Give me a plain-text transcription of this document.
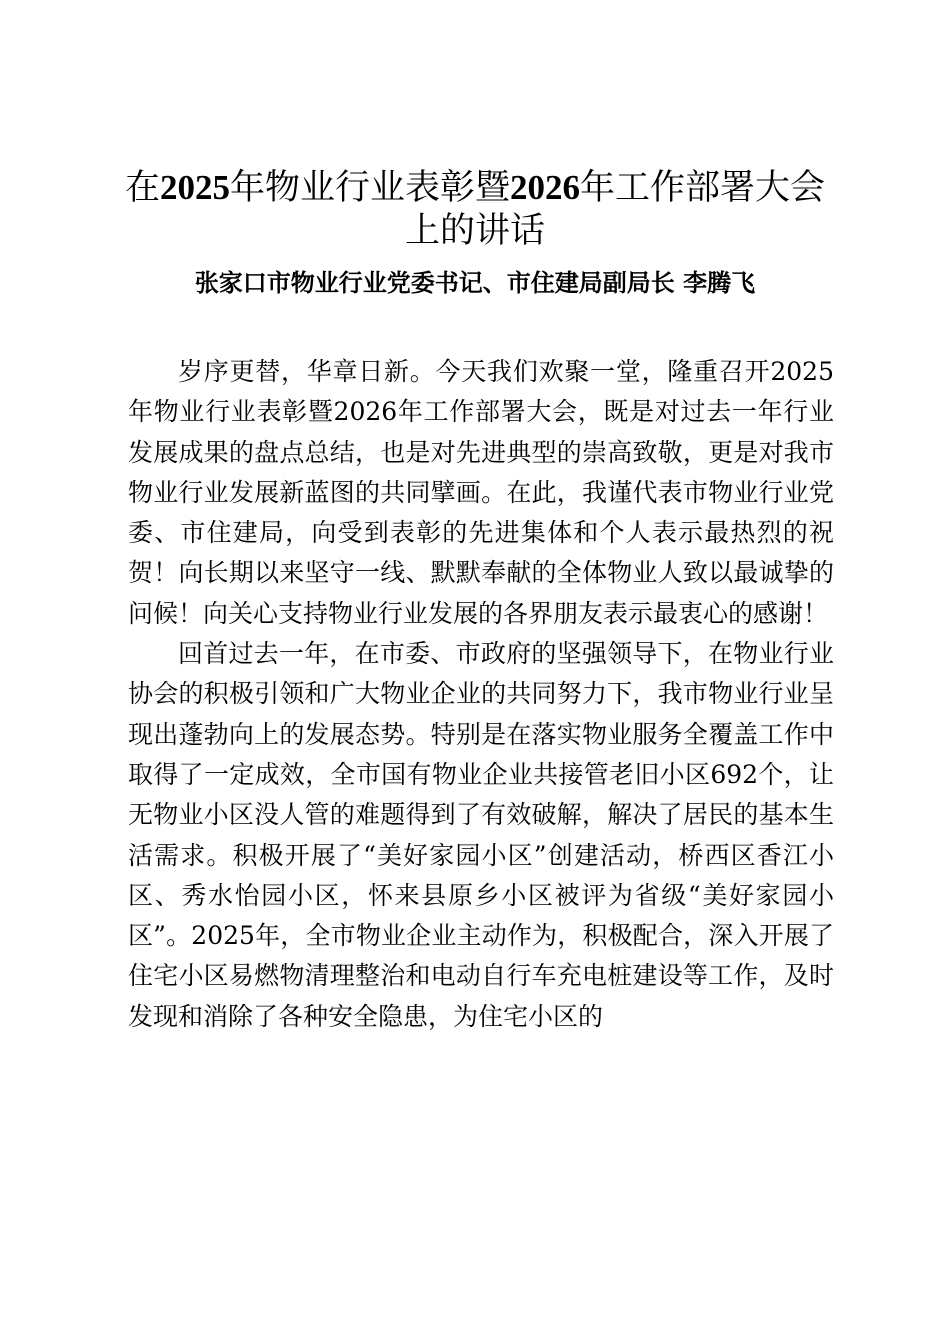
在2025年物业行业表彰暨2026年工作部署大会上的讲话
张家口市物业行业党委书记、市住建局副局长 李腾飞

岁序更替，华章日新。今天我们欢聚一堂，隆重召开2025年物业行业表彰暨2026年工作部署大会，既是对过去一年行业发展成果的盘点总结，也是对先进典型的崇高致敬，更是对我市物业行业发展新蓝图的共同擘画。在此，我谨代表市物业行业党委、市住建局，向受到表彰的先进集体和个人表示最热烈的祝贺！向长期以来坚守一线、默默奉献的全体物业人致以最诚挚的问候！向关心支持物业行业发展的各界朋友表示最衷心的感谢！

回首过去一年，在市委、市政府的坚强领导下，在物业行业协会的积极引领和广大物业企业的共同努力下，我市物业行业呈现出蓬勃向上的发展态势。特别是在落实物业服务全覆盖工作中取得了一定成效，全市国有物业企业共接管老旧小区692个，让无物业小区没人管的难题得到了有效破解，解决了居民的基本生活需求。积极开展了“美好家园小区”创建活动，桥西区香江小区、秀水怡园小区，怀来县原乡小区被评为省级“美好家园小区”。2025年，全市物业企业主动作为，积极配合，深入开展了住宅小区易燃物清理整治和电动自行车充电桩建设等工作，及时发现和消除了各种安全隐患，为住宅小区的
